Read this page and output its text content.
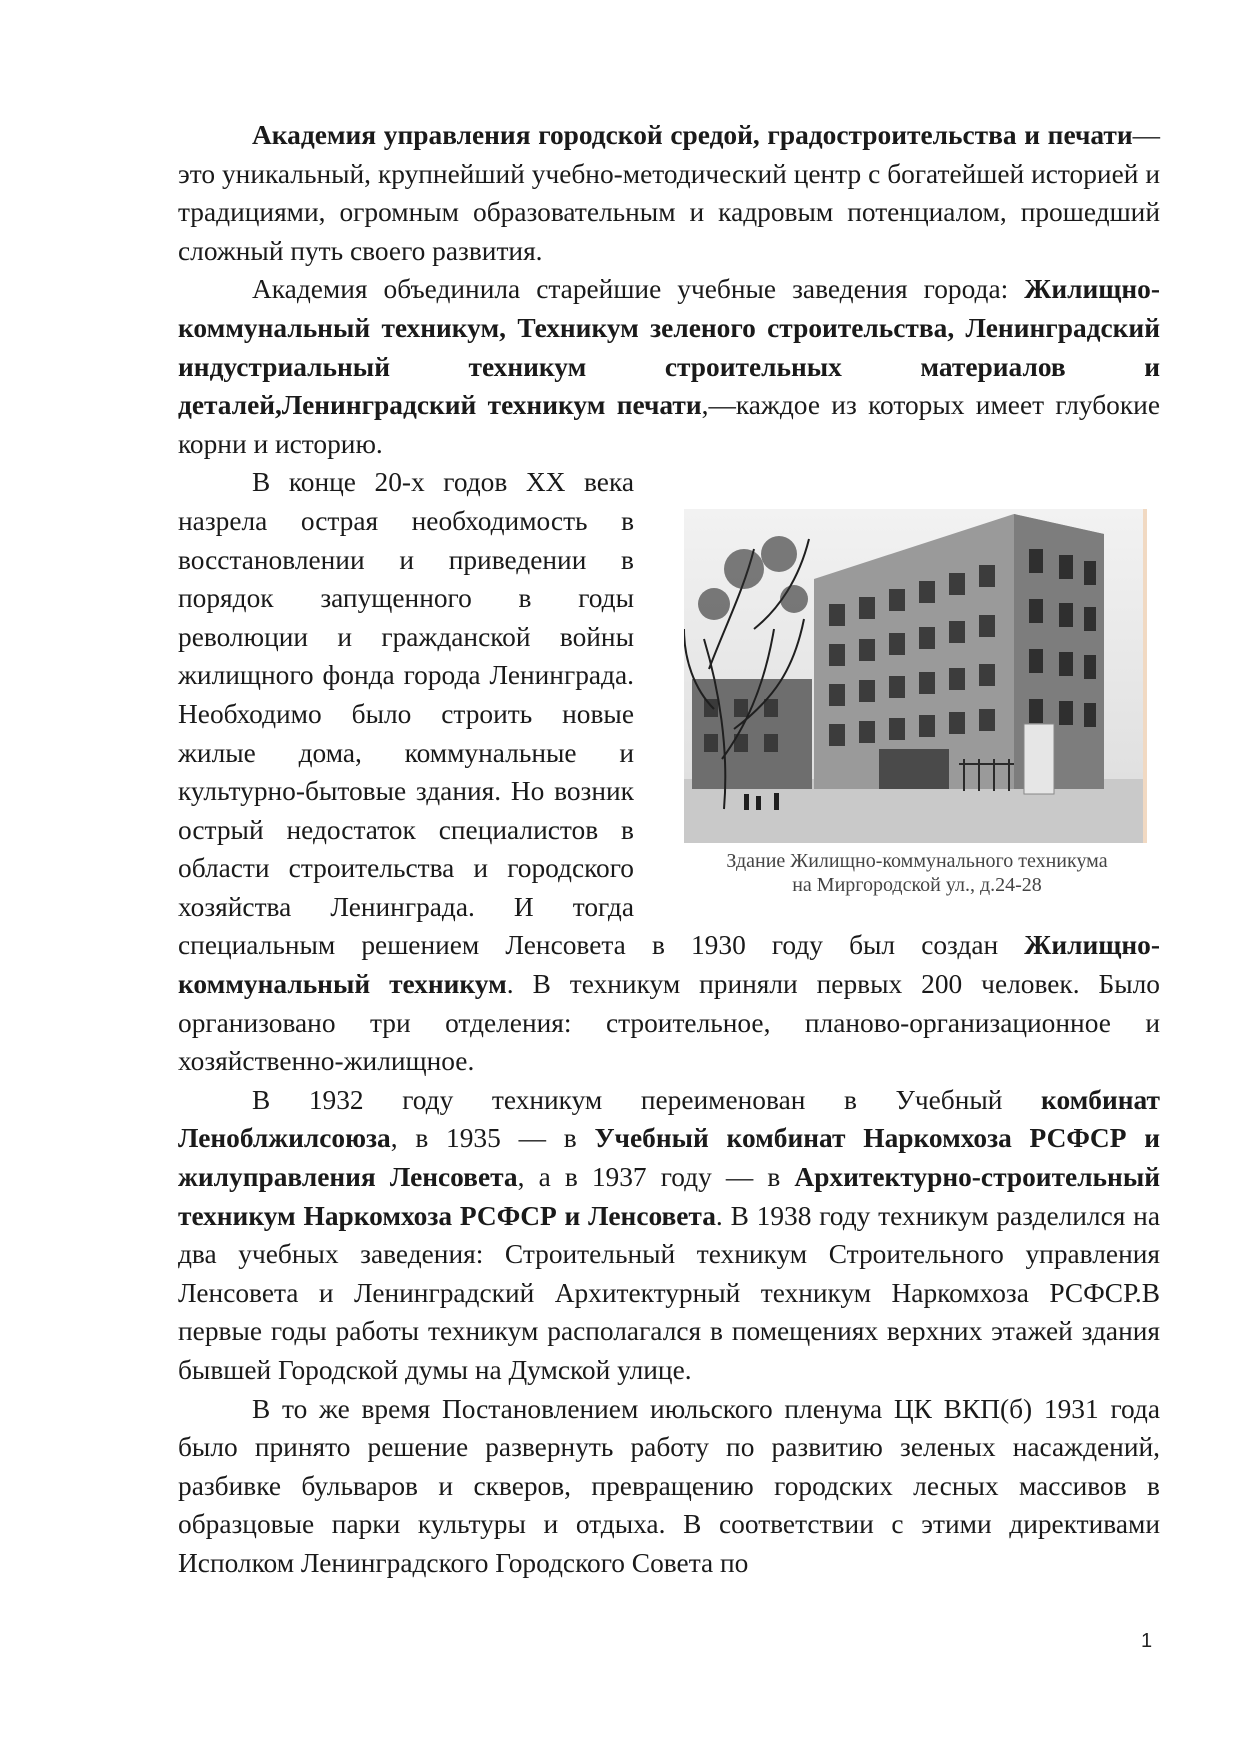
Академия управления городской средой, градостроительства и печати— это уникальный, крупнейший учебно-методический центр с богатейшей историей и традициями, огромным образовательным и кадровым потенциалом, прошедший сложный путь своего развития.

Академия объединила старейшие учебные заведения города: Жилищно-коммунальный техникум, Техникум зеленого строительства, Ленинградский индустриальный техникум строительных материалов и деталей,Ленинградский техникум печати,—каждое из которых имеет глубокие корни и историю.

Здание Жилищно-коммунального техникума
на Миргородской ул., д.24-28
В конце 20-х годов XX века назрела острая необходимость в восстановлении и приведении в порядок запущенного в годы революции и гражданской войны жилищного фонда города Ленинграда. Необходимо было строить новые жилые дома, коммунальные и культурно-бытовые здания. Но возник острый недостаток специалистов в области строительства и городского хозяйства Ленинграда. И тогда специальным решением Ленсовета в 1930 году был создан Жилищно-коммунальный техникум. В техникум приняли первых 200 человек. Было организовано три отделения: строительное, планово-организационное и хозяйственно-жилищное.

В 1932 году техникум переименован в Учебный комбинат Леноблжилсоюза, в 1935 — в Учебный комбинат Наркомхоза РСФСР и жилуправления Ленсовета, а в 1937 году — в Архитектурно-строительный техникум Наркомхоза РСФСР и Ленсовета. В 1938 году техникум разделился на два учебных заведения: Строительный техникум Строительного управления Ленсовета и Ленинградский Архитектурный техникум Наркомхоза РСФСР.В первые годы работы техникум располагался в помещениях верхних этажей здания бывшей Городской думы на Думской улице.

В то же время Постановлением июльского пленума ЦК ВКП(б) 1931 года было принято решение развернуть работу по развитию зеленых насаждений, разбивке бульваров и скверов, превращению городских лесных массивов в образцовые парки культуры и отдыха. В соответствии с этими директивами Исполком Ленинградского Городского Совета по

1
